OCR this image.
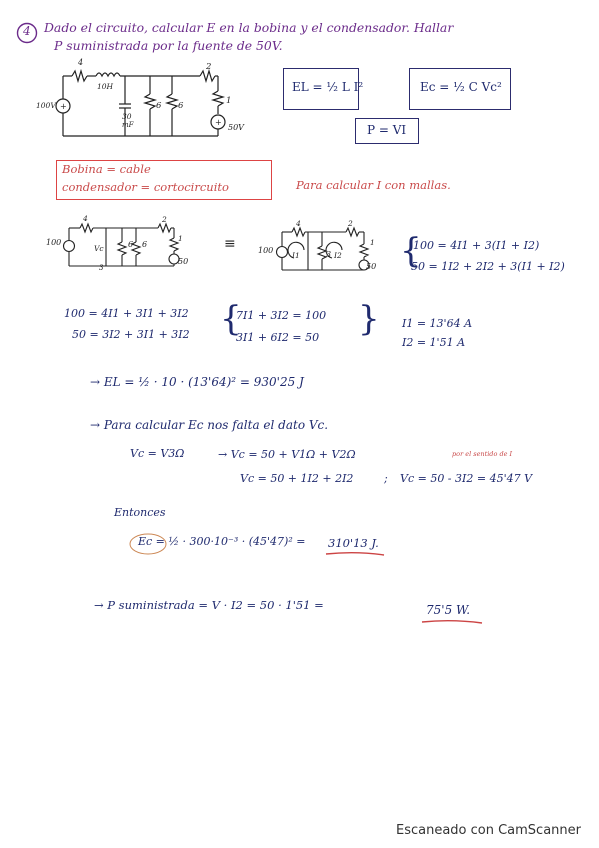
4 Dado el circuito, calcular E en la bobina y el condensador. Hallar
P suministrada por la fuente de 50V.
+
+
100V
4
10H
30
mF
6 6
2
1
50V
EL = ½ L I²	Ec = ½ C Vc²
P = VI
Bobina = cable
condensador = cortocircuito	Para calcular I con mallas.
100
4
Vc	6 6
2
1
50
3
≡	100
4
I1	3 I2
2
1
50 {
100 = 4I1 + 3(I1 + I2)
50 = 1I2 + 2I2 + 3(I1 + I2)
100 = 4I1 + 3I1 + 3I2
50 = 3I2 + 3I1 + 3I2 {
7I1 + 3I2 = 100
3I1 + 6I2 = 50 } I1 = 13'64 A
I2 = 1'51 A
→ EL = ½ · 10 · (13'64)² = 930'25 J
→ Para calcular Ec nos falta el dato Vc.
Vc = V3Ω	→ Vc = 50 + V1Ω + V2Ω	por el sentido de I
Vc = 50 + 1I2 + 2I2	; Vc = 50 - 3I2 = 45'47 V
Entonces
Ec = ½ · 300·10⁻³ · (45'47)² = 310'13 J.
→ P suministrada = V · I2 = 50 · 1'51 =	75'5 W.
Escaneado con CamScanner
